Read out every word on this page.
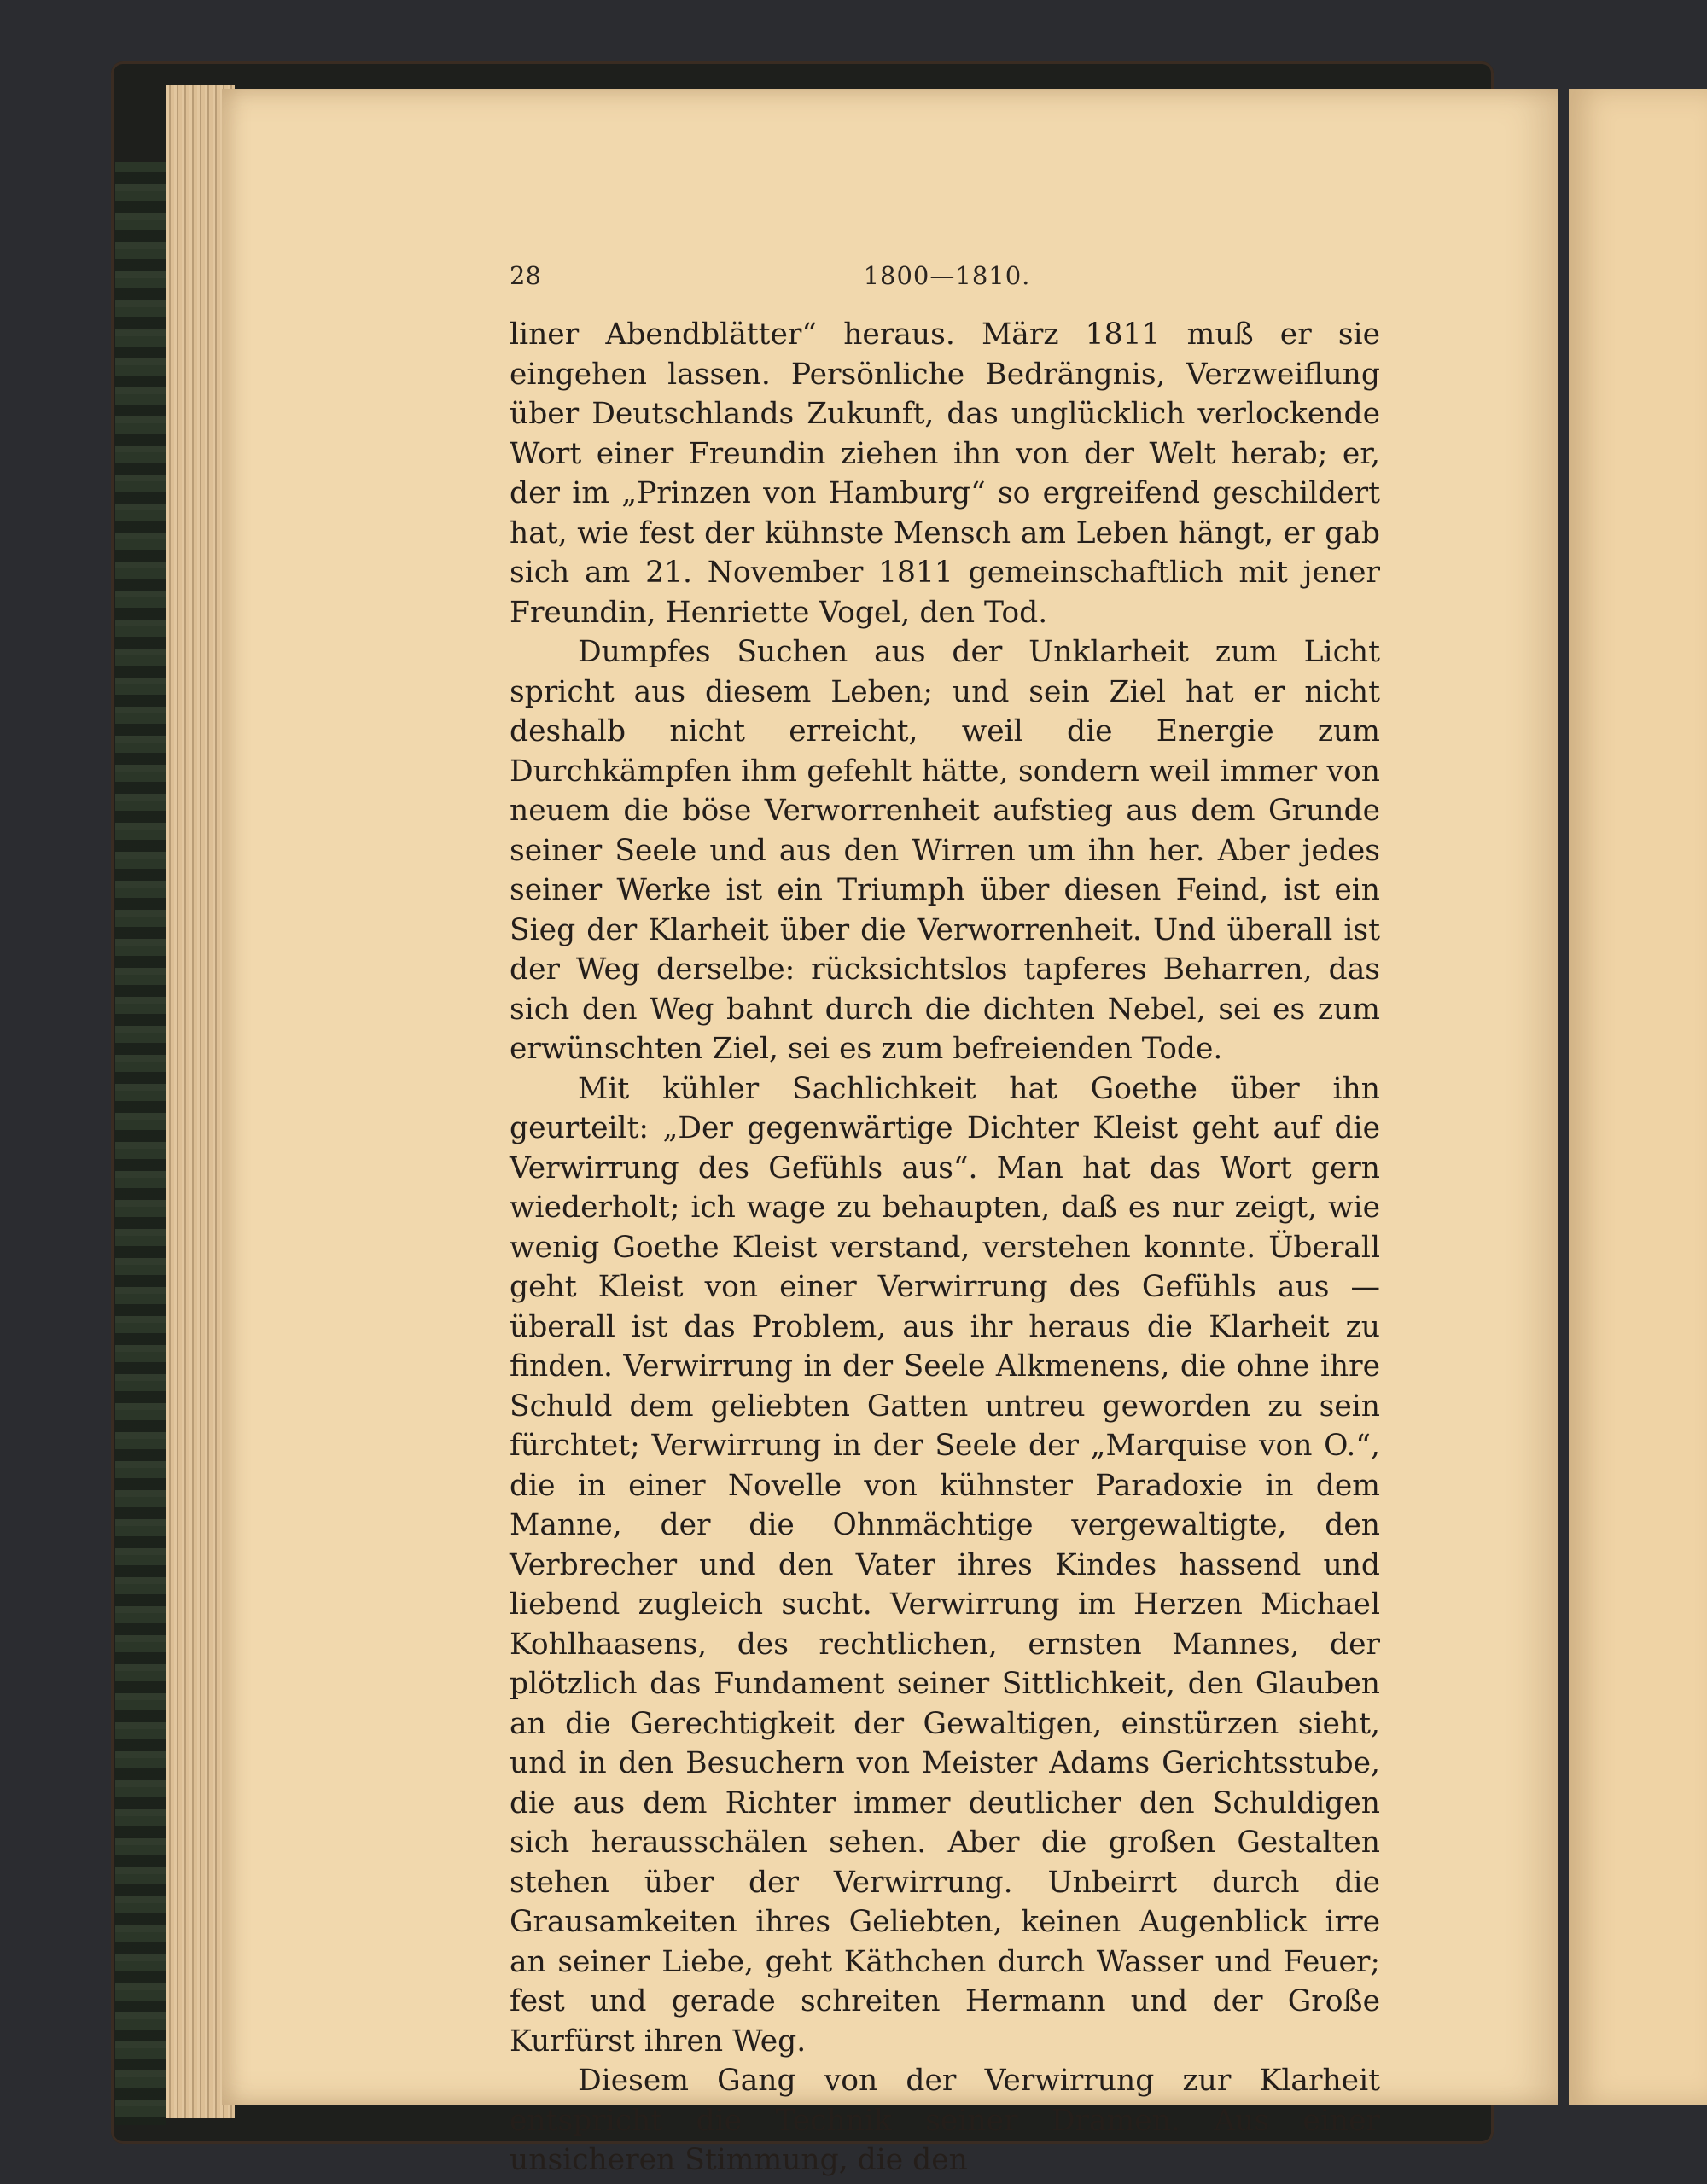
28	1800—1810.

liner Abendblätter“ heraus. März 1811 muß er sie eingehen lassen. Persönliche Bedrängnis, Verzweiflung über Deutschlands Zukunft, das unglücklich verlockende Wort einer Freundin ziehen ihn von der Welt herab; er, der im „Prinzen von Hamburg“ so ergreifend geschildert hat, wie fest der kühnste Mensch am Leben hängt, er gab sich am 21. November 1811 gemeinschaftlich mit jener Freundin, Henriette Vogel, den Tod.

Dumpfes Suchen aus der Unklarheit zum Licht spricht aus diesem Leben; und sein Ziel hat er nicht deshalb nicht erreicht, weil die Energie zum Durchkämpfen ihm gefehlt hätte, sondern weil immer von neuem die böse Verworrenheit aufstieg aus dem Grunde seiner Seele und aus den Wirren um ihn her. Aber jedes seiner Werke ist ein Triumph über diesen Feind, ist ein Sieg der Klarheit über die Verworrenheit. Und überall ist der Weg derselbe: rücksichtslos tapferes Beharren, das sich den Weg bahnt durch die dichten Nebel, sei es zum erwünschten Ziel, sei es zum befreienden Tode.

Mit kühler Sachlichkeit hat Goethe über ihn geurteilt: „Der gegenwärtige Dichter Kleist geht auf die Verwirrung des Gefühls aus“. Man hat das Wort gern wiederholt; ich wage zu behaupten, daß es nur zeigt, wie wenig Goethe Kleist verstand, verstehen konnte. Überall geht Kleist von einer Verwirrung des Gefühls aus — überall ist das Problem, aus ihr heraus die Klarheit zu finden. Verwirrung in der Seele Alkmenens, die ohne ihre Schuld dem geliebten Gatten untreu geworden zu sein fürchtet; Verwirrung in der Seele der „Marquise von O.“, die in einer Novelle von kühnster Paradoxie in dem Manne, der die Ohnmächtige vergewaltigte, den Verbrecher und den Vater ihres Kindes hassend und liebend zugleich sucht. Verwirrung im Herzen Michael Kohlhaasens, des rechtlichen, ernsten Mannes, der plötzlich das Fundament seiner Sittlichkeit, den Glauben an die Gerechtigkeit der Gewaltigen, einstürzen sieht, und in den Besuchern von Meister Adams Gerichtsstube, die aus dem Richter immer deutlicher den Schuldigen sich herausschälen sehen. Aber die großen Gestalten stehen über der Verwirrung. Unbeirrt durch die Grausamkeiten ihres Geliebten, keinen Augenblick irre an seiner Liebe, geht Käthchen durch Wasser und Feuer; fest und gerade schreiten Hermann und der Große Kurfürst ihren Weg.

Diesem Gang von der Verwirrung zur Klarheit entspricht die Technik seiner Dramen. Aus einer unsicheren Stimmung, die den
